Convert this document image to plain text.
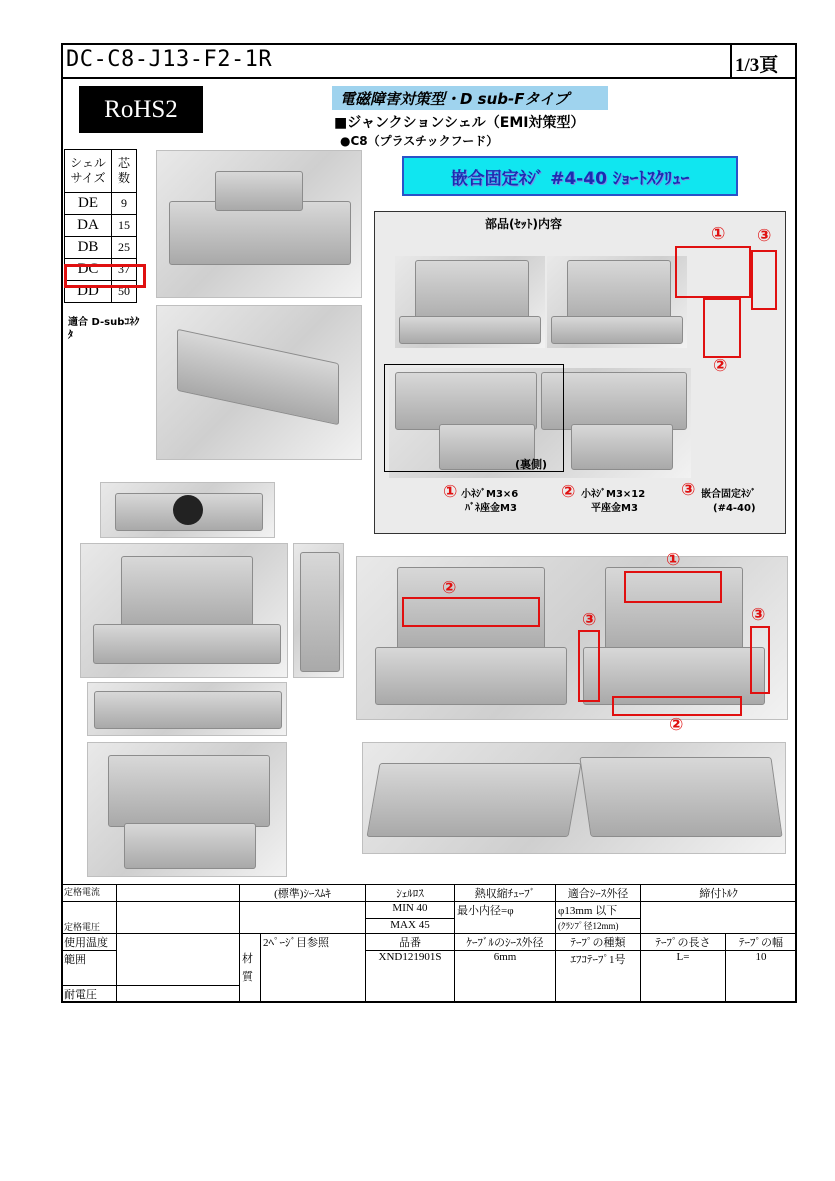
DC-C8-J13-F2-1R	1/3頁
RoHS2	電磁障害対策型・D sub-Fタイプ
■ジャンクションシェル（EMI対策型）
●C8（プラスチックフード）
嵌合固定ﾈｼﾞ #4-40 ｼｮｰﾄｽｸﾘｭｰ
シェル サイズ	芯 数
DE	9
DA	15
DB	25
DC	37
DD	50
適合 D-subｺﾈｸﾀ
部品(ｾｯﾄ)内容
(裏側)
① ③
②
① 小ﾈｼﾞM3×6
ﾊﾞﾈ座金M3
② 小ﾈｼﾞM3×12
平座金M3
③ 嵌合固定ﾈｼﾞ
(#4-40)
②
①
③	③
②
定格電流		(標準)ｼｰｽﾑｷ		ｼｪﾙﾛｽ	熱収縮ﾁｭｰﾌﾞ	適合ｼｰｽ外径	締付ﾄﾙｸ	
定格電圧				MIN 40	最小内径=φ	φ13mm 以下		
				MAX 45		(ｸﾗﾝﾌﾟ径12mm)		
使用温度		材 質	2ﾍﾟｰｼﾞ目参照	品番	ｹｰﾌﾞﾙのｼｰｽ外径	ﾃｰﾌﾟの種類	ﾃｰﾌﾟの長さ	ﾃｰﾌﾟの幅
範囲				XND121901S	6mm	ｴﾌｺﾃｰﾌﾟ1号	L=	10
耐電圧								
